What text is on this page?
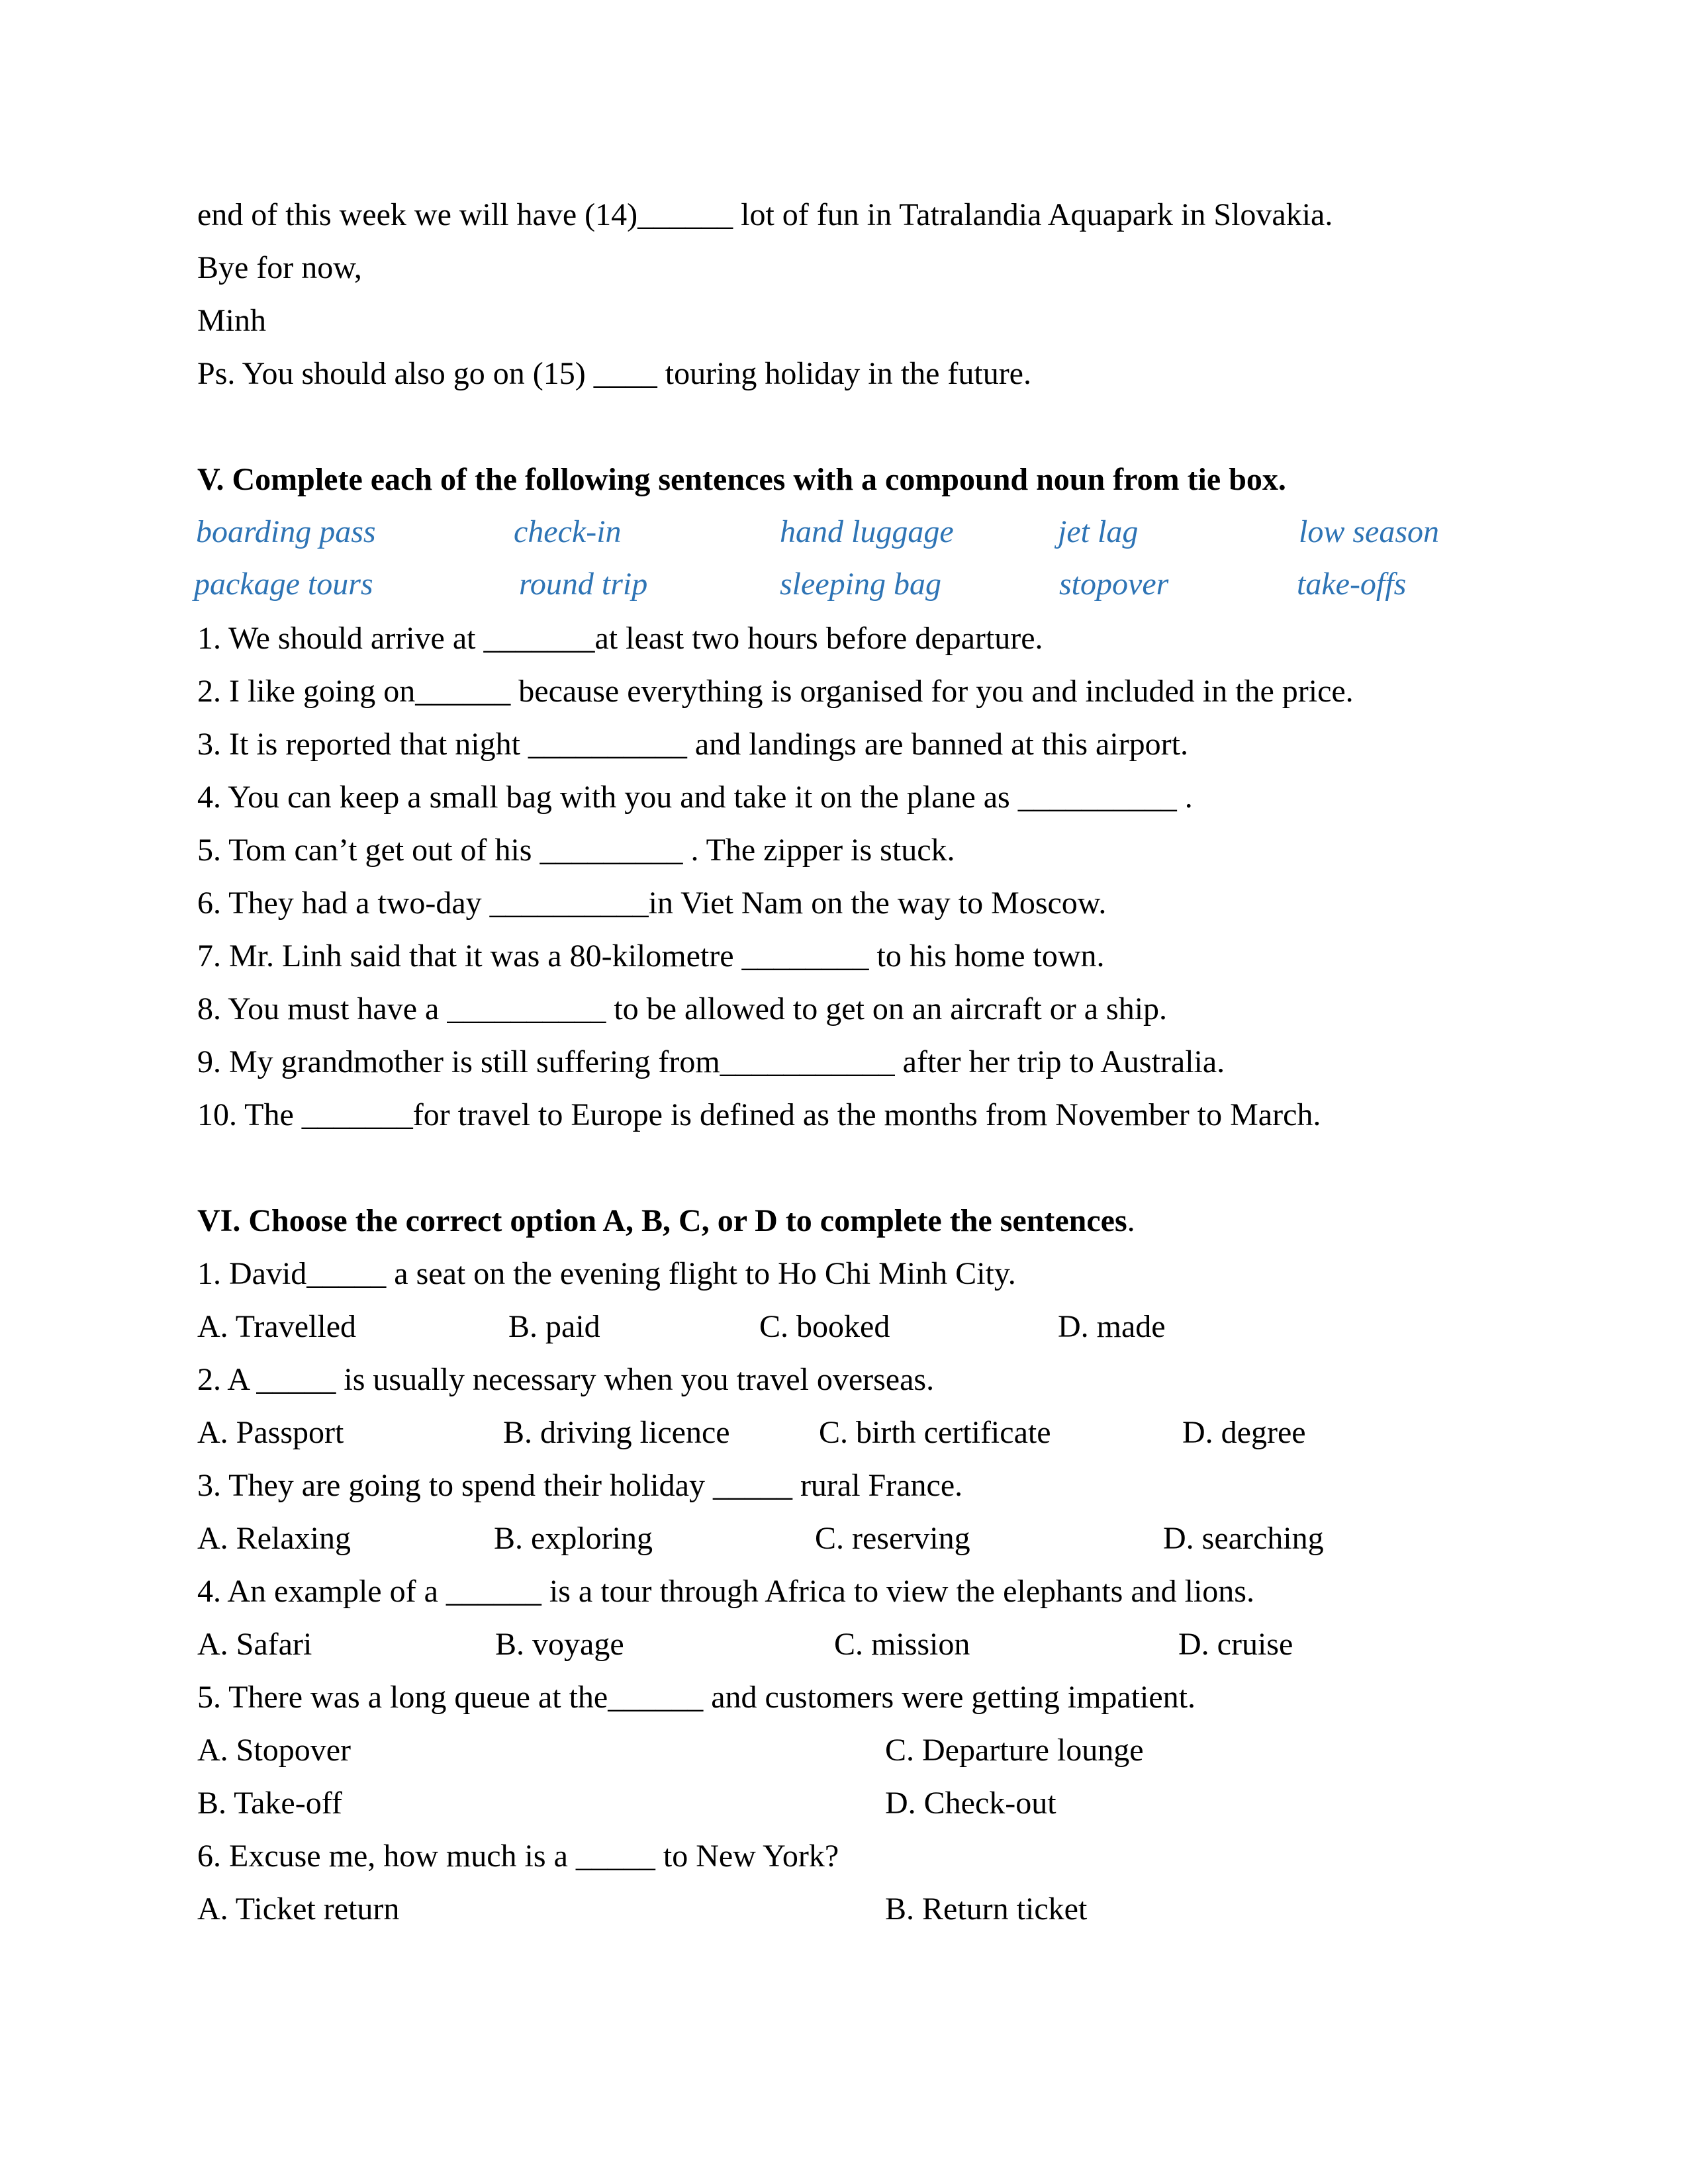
end of this week we will have (14)______ lot of fun in Tatralandia Aquapark in Slovakia.
Bye for now,
Minh
Ps. You should also go on (15) ____ touring holiday in the future.
V. Complete each of the following sentences with a compound noun from tie box.
boarding pass	check-in	hand luggage	jet lag	low season
package tours	round trip	sleeping bag	stopover	take-offs
1. We should arrive at _______at least two hours before departure.
2. I like going on______ because everything is organised for you and included in the price.
3. It is reported that night __________ and landings are banned at this airport.
4. You can keep a small bag with you and take it on the plane as __________ .
5. Tom can’t get out of his _________ . The zipper is stuck.
6. They had a two-day __________in Viet Nam on the way to Moscow.
7. Mr. Linh said that it was a 80-kilometre ________ to his home town.
8. You must have a __________ to be allowed to get on an aircraft or a ship.
9. My grandmother is still suffering from___________ after her trip to Australia.
10. The _______for travel to Europe is defined as the months from November to March.
VI. Choose the correct option A, B, C, or D to complete the sentences.
1. David_____ a seat on the evening flight to Ho Chi Minh City.
A. Travelled	B. paid	C. booked	D. made
2. A _____ is usually necessary when you travel overseas.
A. Passport	B. driving licence	C. birth certificate	D. degree
3. They are going to spend their holiday _____ rural France.
A. Relaxing	B. exploring	C. reserving	D. searching
4. An example of a ______ is a tour through Africa to view the elephants and lions.
A. Safari	B. voyage	C. mission	D. cruise
5. There was a long queue at the______ and customers were getting impatient.
A. Stopover	C. Departure lounge
B. Take-off	D. Check-out
6. Excuse me, how much is a _____ to New York?
A. Ticket return	B. Return ticket
